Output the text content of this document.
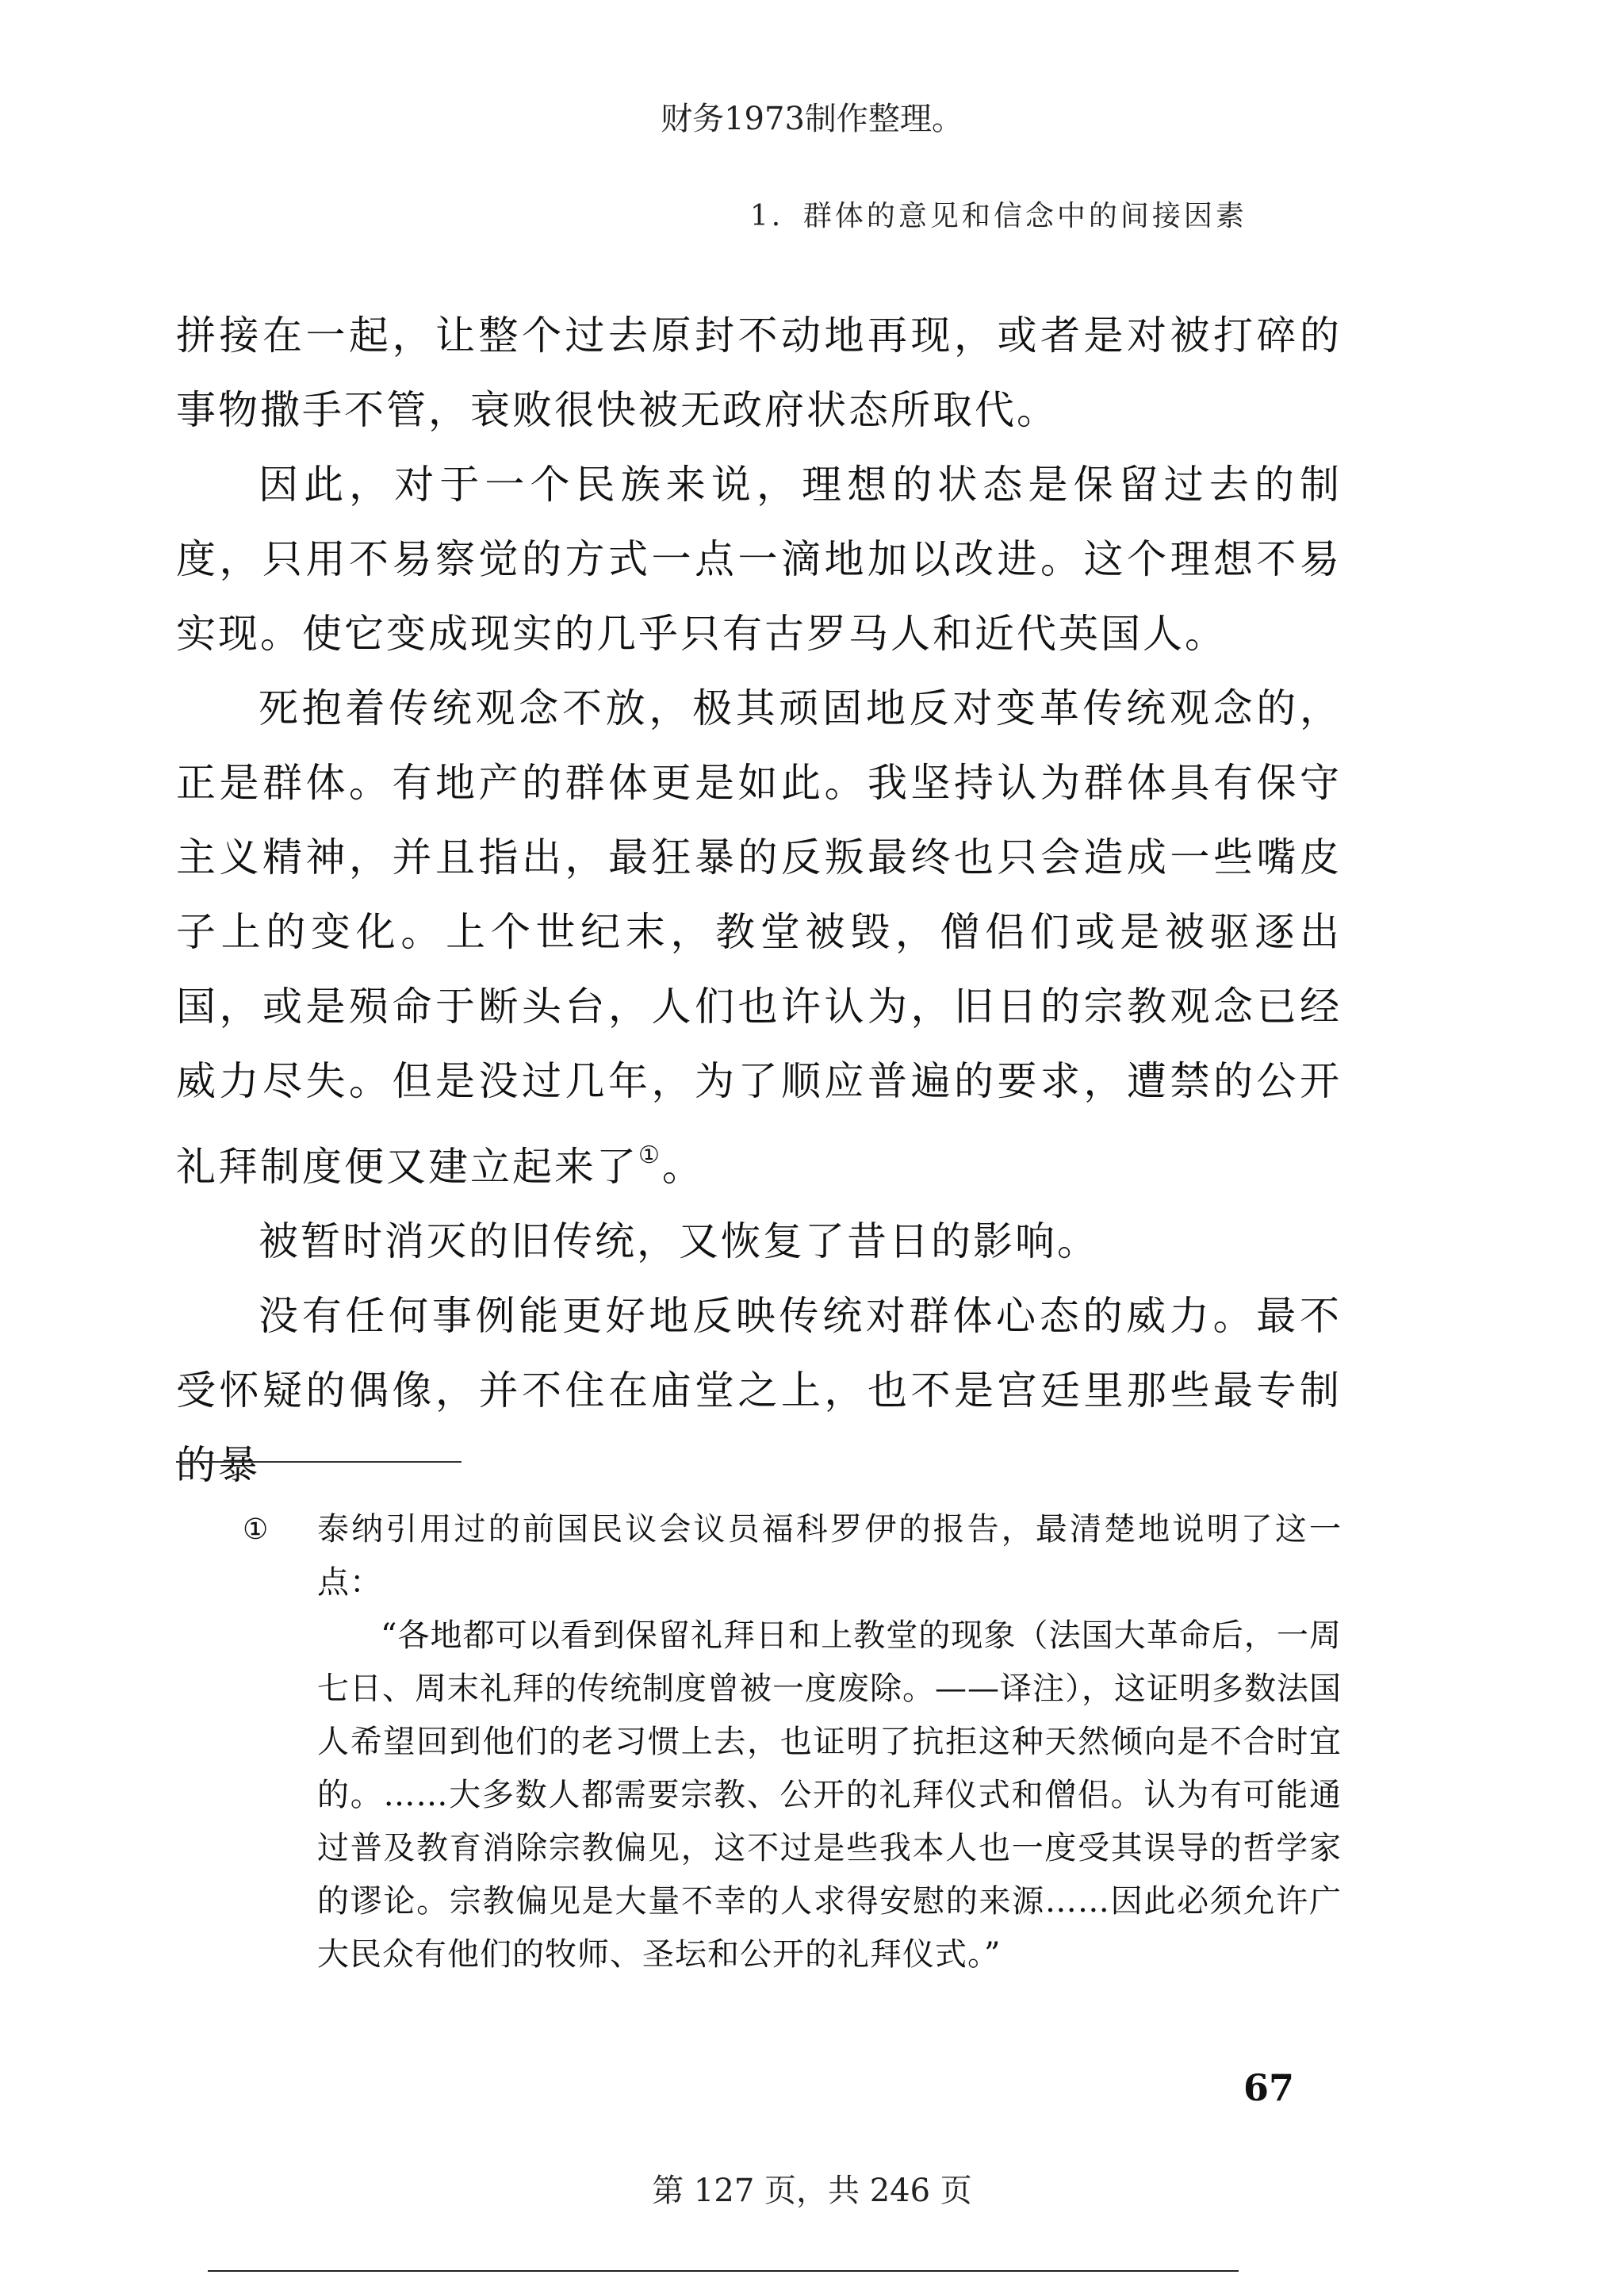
财务1973制作整理。
1．群体的意见和信念中的间接因素

拼接在一起，让整个过去原封不动地再现，或者是对被打碎的事物撒手不管，衰败很快被无政府状态所取代。

因此，对于一个民族来说，理想的状态是保留过去的制度，只用不易察觉的方式一点一滴地加以改进。这个理想不易实现。使它变成现实的几乎只有古罗马人和近代英国人。

死抱着传统观念不放，极其顽固地反对变革传统观念的，正是群体。有地产的群体更是如此。我坚持认为群体具有保守主义精神，并且指出，最狂暴的反叛最终也只会造成一些嘴皮子上的变化。上个世纪末，教堂被毁，僧侣们或是被驱逐出国，或是殒命于断头台，人们也许认为，旧日的宗教观念已经威力尽失。但是没过几年，为了顺应普遍的要求，遭禁的公开礼拜制度便又建立起来了①。

被暂时消灭的旧传统，又恢复了昔日的影响。

没有任何事例能更好地反映传统对群体心态的威力。最不受怀疑的偶像，并不住在庙堂之上，也不是宫廷里那些最专制的暴

① 泰纳引用过的前国民议会议员福科罗伊的报告，最清楚地说明了这一点：

“各地都可以看到保留礼拜日和上教堂的现象（法国大革命后，一周七日、周末礼拜的传统制度曾被一度废除。——译注），这证明多数法国人希望回到他们的老习惯上去，也证明了抗拒这种天然倾向是不合时宜的。……大多数人都需要宗教、公开的礼拜仪式和僧侣。认为有可能通过普及教育消除宗教偏见，这不过是些我本人也一度受其误导的哲学家的谬论。宗教偏见是大量不幸的人求得安慰的来源……因此必须允许广大民众有他们的牧师、圣坛和公开的礼拜仪式。”

67
第 127 页，共 246 页
